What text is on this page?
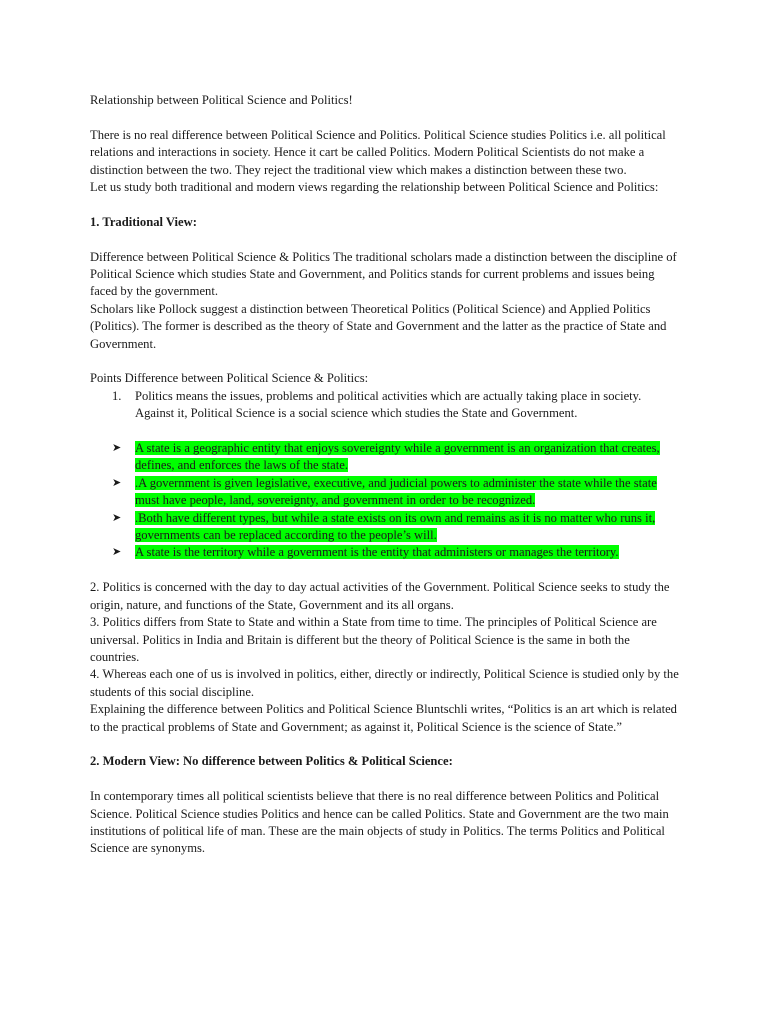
Relationship between Political Science and Politics!

There is no real difference between Political Science and Politics. Political Science studies Politics i.e. all political relations and interactions in society. Hence it cart be called Politics. Modern Political Scientists do not make a distinction between the two. They reject the traditional view which makes a distinction between these two.

Let us study both traditional and modern views regarding the relationship between Political Science and Politics:

1. Traditional View:

Difference between Political Science & Politics The traditional scholars made a distinction between the discipline of Political Science which studies State and Government, and Politics stands for current problems and issues being faced by the government.

Scholars like Pollock suggest a distinction between Theoretical Politics (Political Science) and Applied Politics (Politics). The former is described as the theory of State and Government and the latter as the practice of State and Government.

Points Difference between Political Science & Politics:

1. Politics means the issues, problems and political activities which are actually taking place in society. Against it, Political Science is a social science which studies the State and Government.
➤ A state is a geographic entity that enjoys sovereignty while a government is an organization that creates, defines, and enforces the laws of the state.
➤ .A government is given legislative, executive, and judicial powers to administer the state while the state must have people, land, sovereignty, and government in order to be recognized.
➤ .Both have different types, but while a state exists on its own and remains as it is no matter who runs it, governments can be replaced according to the people’s will.
➤ A state is the territory while a government is the entity that administers or manages the territory.

2. Politics is concerned with the day to day actual activities of the Government. Political Science seeks to study the origin, nature, and functions of the State, Government and its all organs.

3. Politics differs from State to State and within a State from time to time. The principles of Political Science are universal. Politics in India and Britain is different but the theory of Political Science is the same in both the countries.

4. Whereas each one of us is involved in politics, either, directly or indirectly, Political Science is studied only by the students of this social discipline.

Explaining the difference between Politics and Political Science Bluntschli writes, “Politics is an art which is related to the practical problems of State and Government; as against it, Political Science is the science of State.”

2. Modern View: No difference between Politics & Political Science:

In contemporary times all political scientists believe that there is no real difference between Politics and Political Science. Political Science studies Politics and hence can be called Politics. State and Government are the two main institutions of political life of man. These are the main objects of study in Politics. The terms Politics and Political Science are synonyms.
